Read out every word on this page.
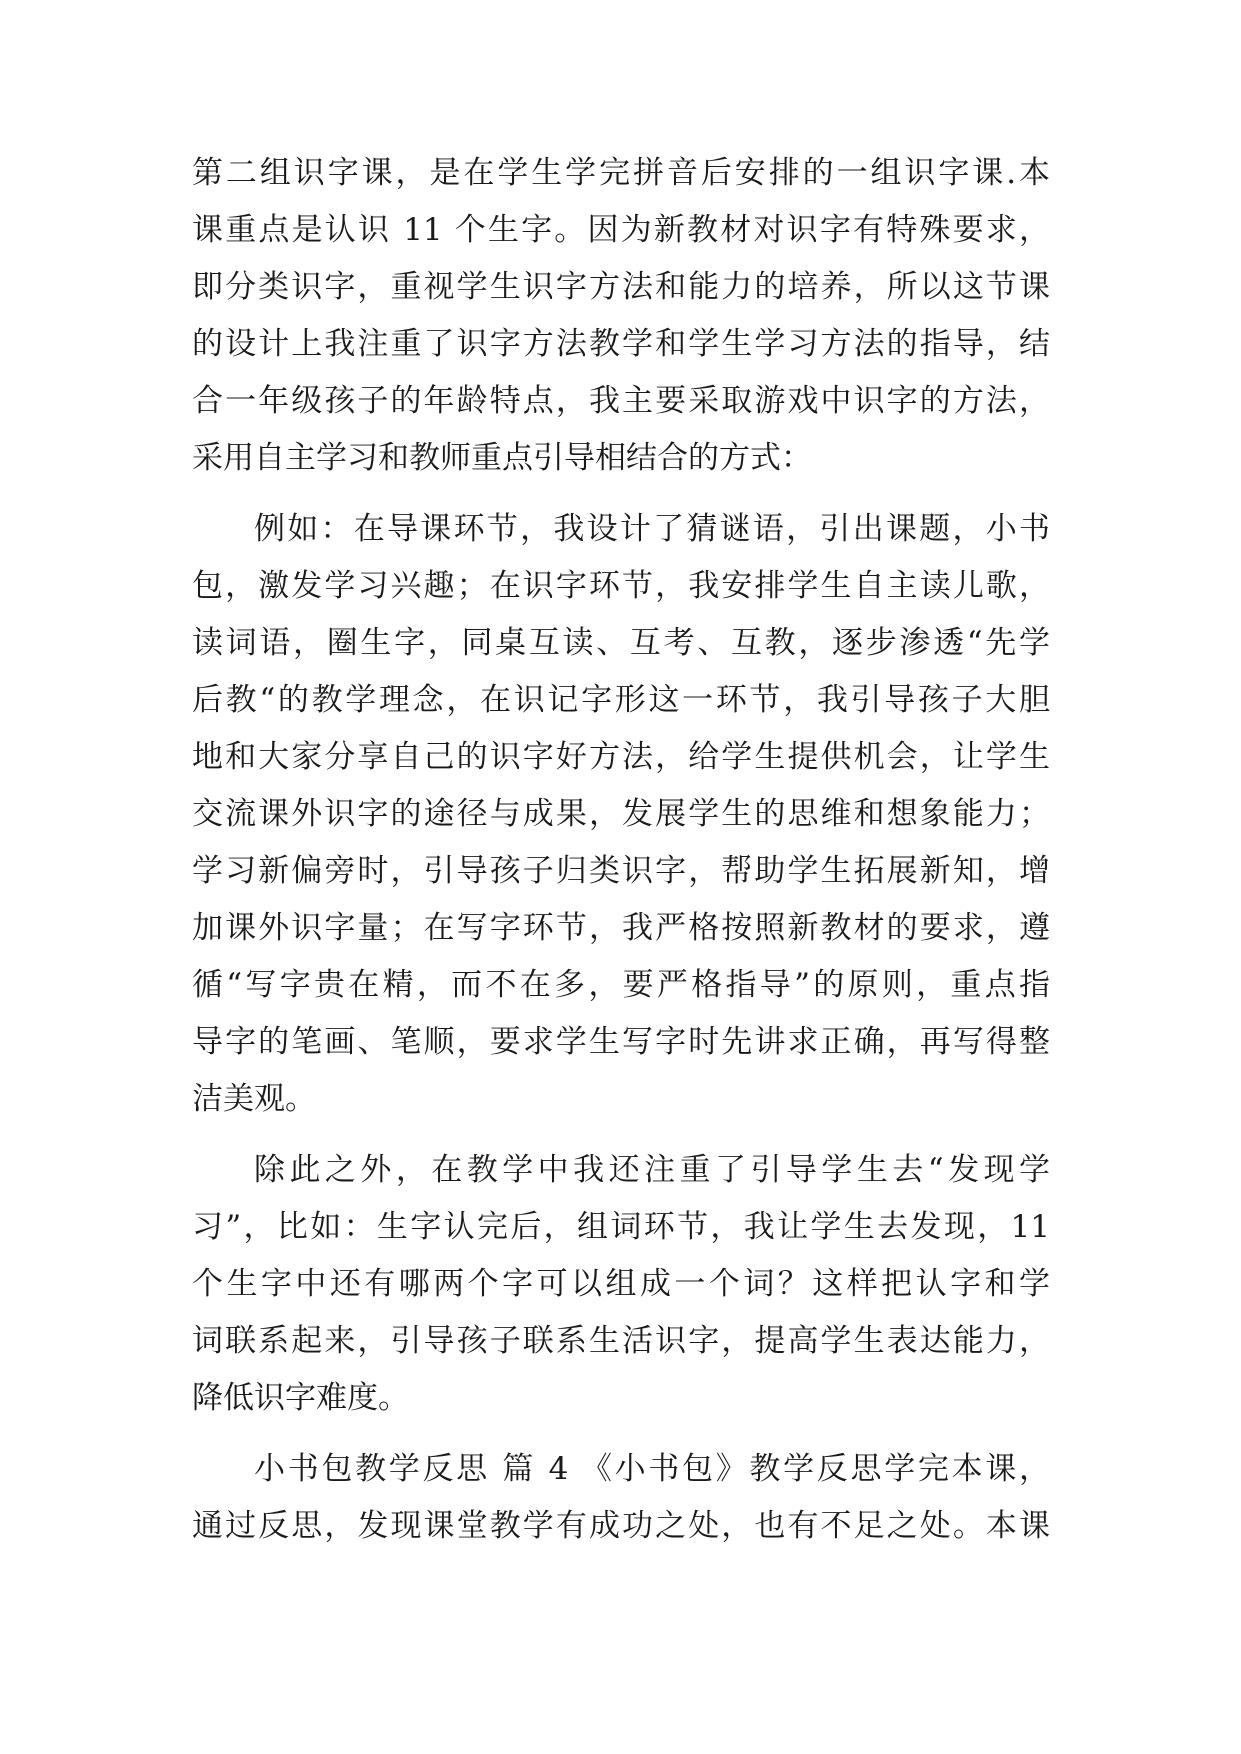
第二组识字课，是在学生学完拼音后安排的一组识字课.本
课重点是认识 11 个生字。因为新教材对识字有特殊要求，
即分类识字，重视学生识字方法和能力的培养，所以这节课
的设计上我注重了识字方法教学和学生学习方法的指导，结
合一年级孩子的年龄特点，我主要采取游戏中识字的方法，
采用自主学习和教师重点引导相结合的方式：
例如：在导课环节，我设计了猜谜语，引出课题，小书
包，激发学习兴趣；在识字环节，我安排学生自主读儿歌，
读词语，圈生字，同桌互读、互考、互教，逐步渗透“先学
后教“的教学理念，在识记字形这一环节，我引导孩子大胆
地和大家分享自己的识字好方法，给学生提供机会，让学生
交流课外识字的途径与成果，发展学生的思维和想象能力；
学习新偏旁时，引导孩子归类识字，帮助学生拓展新知，增
加课外识字量；在写字环节，我严格按照新教材的要求，遵
循“写字贵在精，而不在多，要严格指导”的原则，重点指
导字的笔画、笔顺，要求学生写字时先讲求正确，再写得整
洁美观。
除此之外，在教学中我还注重了引导学生去“发现学
习”，比如：生字认完后，组词环节，我让学生去发现，11
个生字中还有哪两个字可以组成一个词？这样把认字和学
词联系起来，引导孩子联系生活识字，提高学生表达能力，
降低识字难度。
小书包教学反思 篇 4 《小书包》教学反思学完本课，
通过反思，发现课堂教学有成功之处，也有不足之处。本课
